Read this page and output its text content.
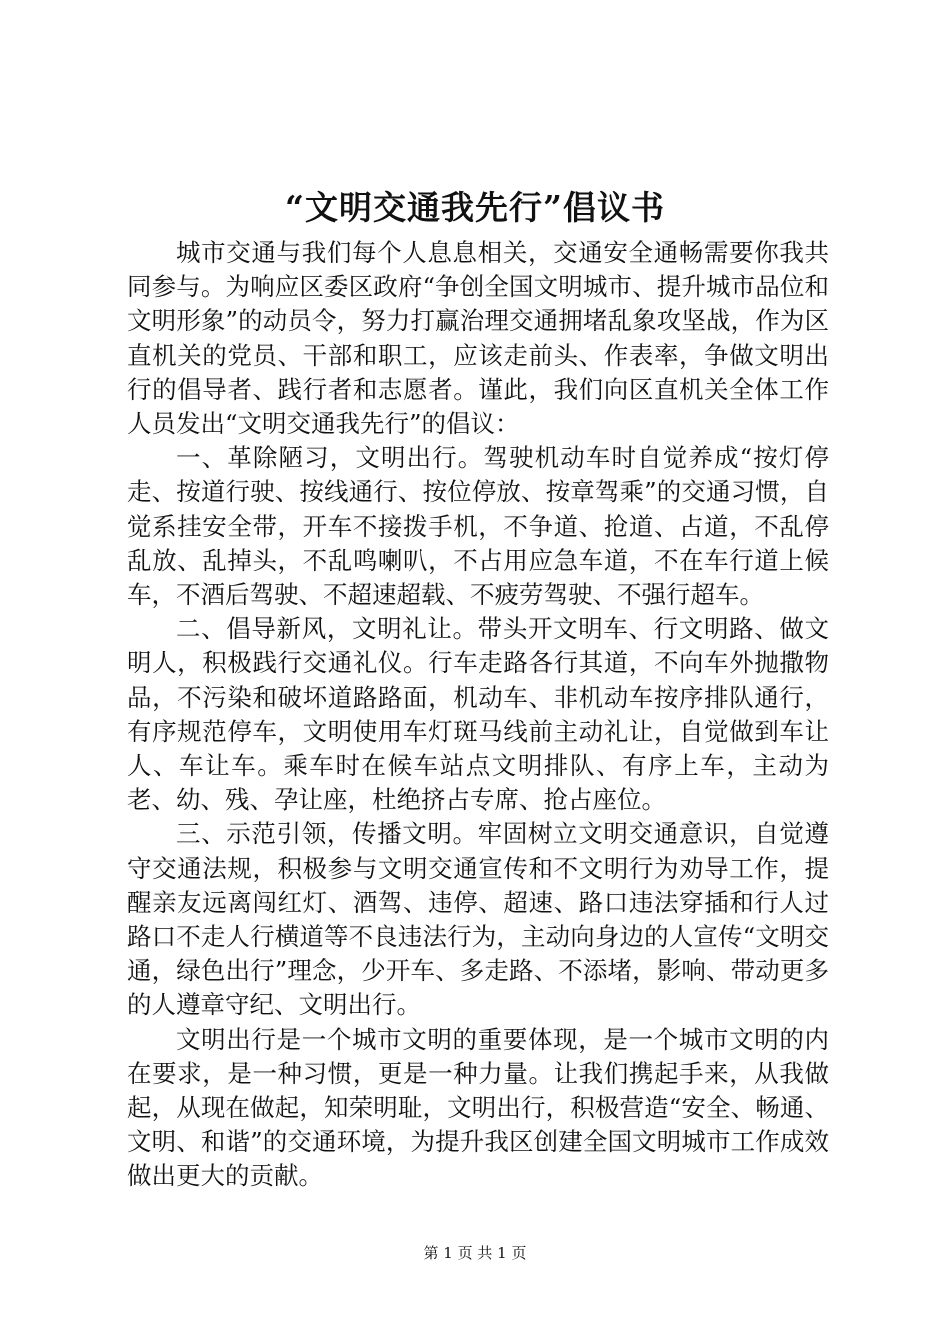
“文明交通我先行”倡议书

城市交通与我们每个人息息相关，交通安全通畅需要你我共同参与。为响应区委区政府“争创全国文明城市、提升城市品位和文明形象”的动员令，努力打赢治理交通拥堵乱象攻坚战，作为区直机关的党员、干部和职工，应该走前头、作表率，争做文明出行的倡导者、践行者和志愿者。谨此，我们向区直机关全体工作人员发出“文明交通我先行”的倡议：

一、革除陋习，文明出行。驾驶机动车时自觉养成“按灯停走、按道行驶、按线通行、按位停放、按章驾乘”的交通习惯，自觉系挂安全带，开车不接拨手机，不争道、抢道、占道，不乱停乱放、乱掉头，不乱鸣喇叭，不占用应急车道，不在车行道上候车，不酒后驾驶、不超速超载、不疲劳驾驶、不强行超车。

二、倡导新风，文明礼让。带头开文明车、行文明路、做文明人，积极践行交通礼仪。行车走路各行其道，不向车外抛撒物品，不污染和破坏道路路面，机动车、非机动车按序排队通行，有序规范停车，文明使用车灯斑马线前主动礼让，自觉做到车让人、车让车。乘车时在候车站点文明排队、有序上车，主动为老、幼、残、孕让座，杜绝挤占专席、抢占座位。

三、示范引领，传播文明。牢固树立文明交通意识，自觉遵守交通法规，积极参与文明交通宣传和不文明行为劝导工作，提醒亲友远离闯红灯、酒驾、违停、超速、路口违法穿插和行人过路口不走人行横道等不良违法行为，主动向身边的人宣传“文明交通，绿色出行”理念，少开车、多走路、不添堵，影响、带动更多的人遵章守纪、文明出行。

文明出行是一个城市文明的重要体现，是一个城市文明的内在要求，是一种习惯，更是一种力量。让我们携起手来，从我做起，从现在做起，知荣明耻，文明出行，积极营造“安全、畅通、文明、和谐”的交通环境，为提升我区创建全国文明城市工作成效做出更大的贡献。

第 1 页 共 1 页
